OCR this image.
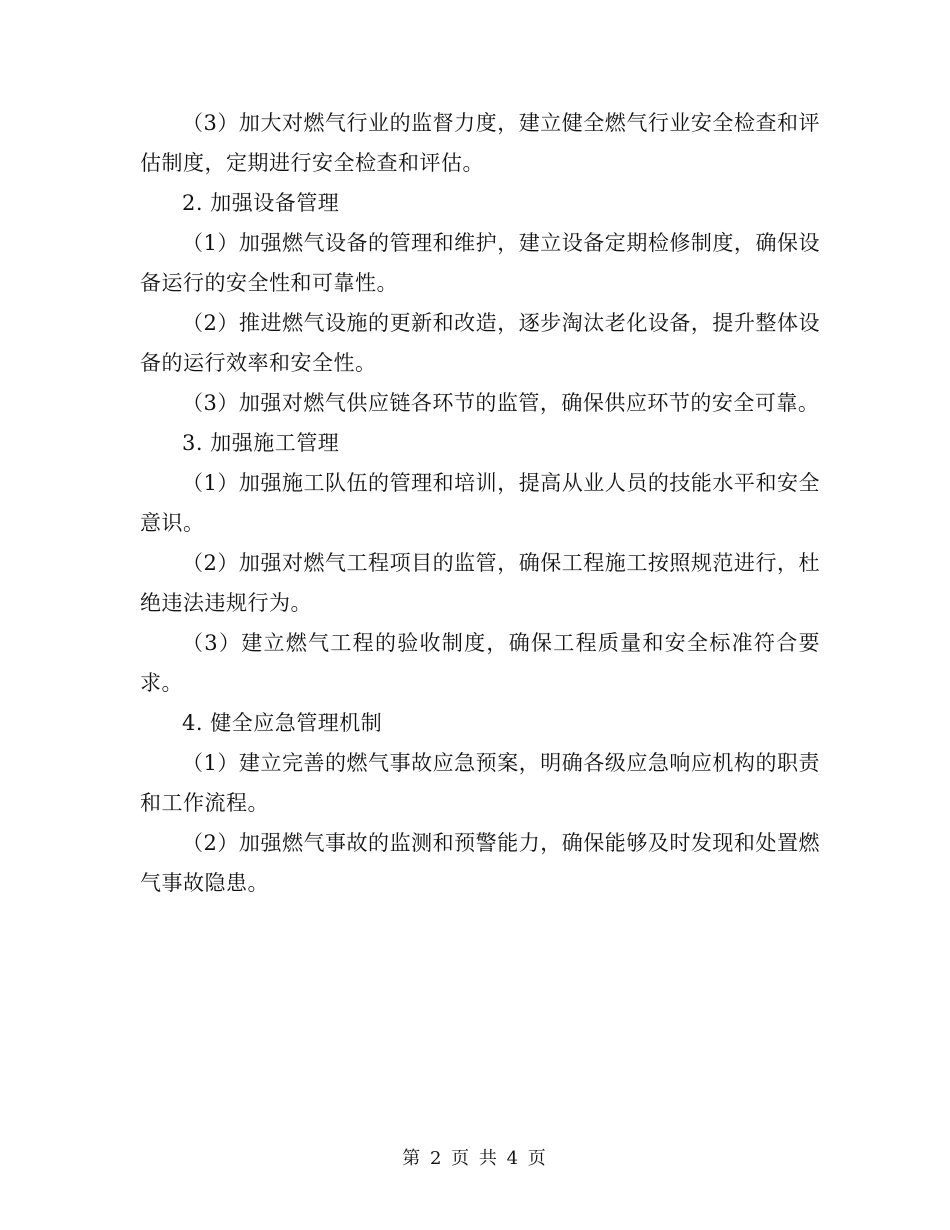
（3）加大对燃气行业的监督力度，建立健全燃气行业安全检查和评估制度，定期进行安全检查和评估。

2. 加强设备管理

（1）加强燃气设备的管理和维护，建立设备定期检修制度，确保设备运行的安全性和可靠性。

（2）推进燃气设施的更新和改造，逐步淘汰老化设备，提升整体设备的运行效率和安全性。

（3）加强对燃气供应链各环节的监管，确保供应环节的安全可靠。

3. 加强施工管理

（1）加强施工队伍的管理和培训，提高从业人员的技能水平和安全意识。

（2）加强对燃气工程项目的监管，确保工程施工按照规范进行，杜绝违法违规行为。

（3）建立燃气工程的验收制度，确保工程质量和安全标准符合要求。

4. 健全应急管理机制

（1）建立完善的燃气事故应急预案，明确各级应急响应机构的职责和工作流程。

（2）加强燃气事故的监测和预警能力，确保能够及时发现和处置燃气事故隐患。

第 2 页 共 4 页
